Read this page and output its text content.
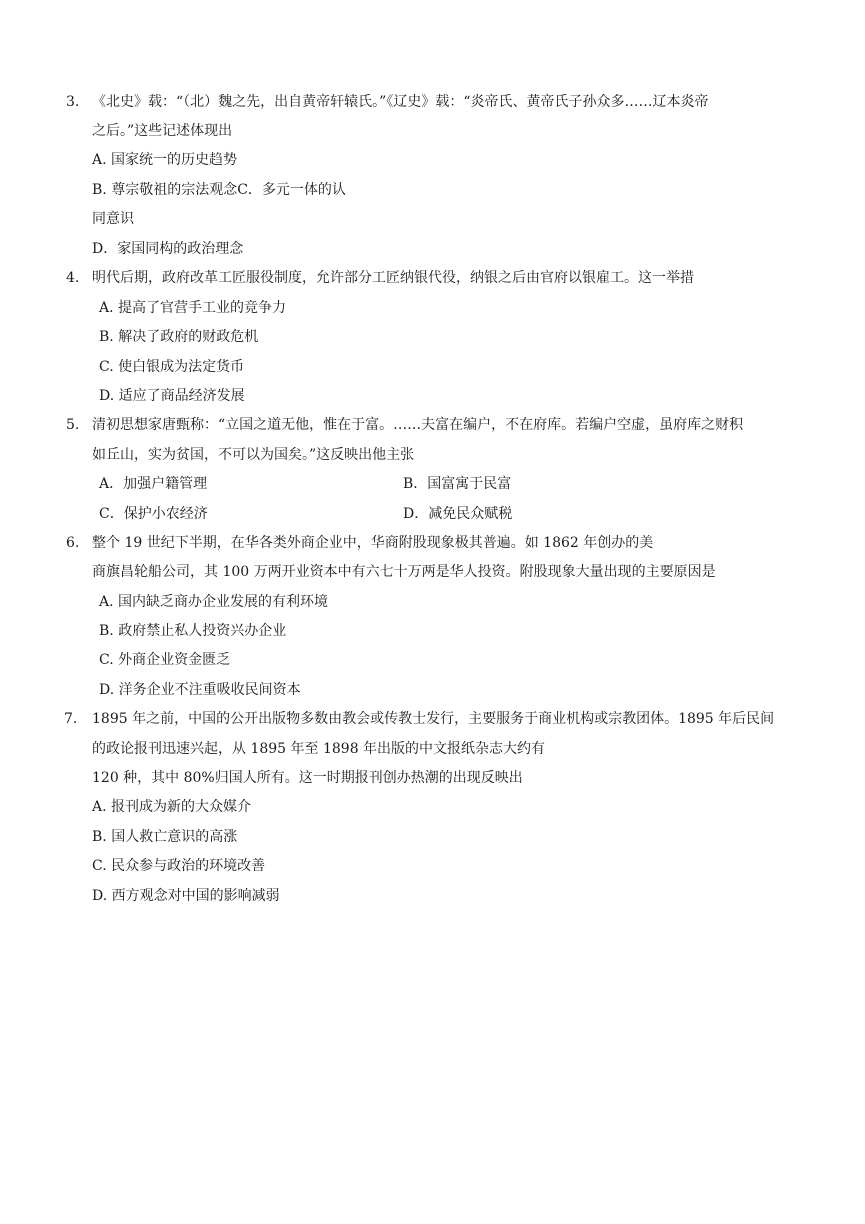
3. 《北史》载：“（北）魏之先，出自黄帝轩辕氏。”《辽史》载：“炎帝氏、黄帝氏子孙众多……辽本炎帝
之后。”这些记述体现出
A. 国家统一的历史趋势
B. 尊宗敬祖的宗法观念C．多元一体的认
同意识
D．家国同构的政治理念
4. 明代后期，政府改革工匠服役制度，允许部分工匠纳银代役，纳银之后由官府以银雇工。这一举措
A. 提高了官营手工业的竞争力
B. 解决了政府的财政危机
C. 使白银成为法定货币
D. 适应了商品经济发展
5. 清初思想家唐甄称：“立国之道无他，惟在于富。……夫富在编户，不在府库。若编户空虚，虽府库之财积
如丘山，实为贫国，不可以为国矣。”这反映出他主张
A．加强户籍管理	B．国富寓于民富
C．保护小农经济	D．减免民众赋税
6. 整个 19 世纪下半期，在华各类外商企业中，华商附股现象极其普遍。如 1862 年创办的美
商旗昌轮船公司，其 100 万两开业资本中有六七十万两是华人投资。附股现象大量出现的主要原因是
A. 国内缺乏商办企业发展的有利环境
B. 政府禁止私人投资兴办企业
C. 外商企业资金匮乏
D. 洋务企业不注重吸收民间资本
7. 1895 年之前，中国的公开出版物多数由教会或传教士发行，主要服务于商业机构或宗教团体。1895 年后民间
的政论报刊迅速兴起，从 1895 年至 1898 年出版的中文报纸杂志大约有
120 种，其中 80%归国人所有。这一时期报刊创办热潮的出现反映出
A. 报刊成为新的大众媒介
B. 国人救亡意识的高涨
C. 民众参与政治的环境改善
D. 西方观念对中国的影响减弱
